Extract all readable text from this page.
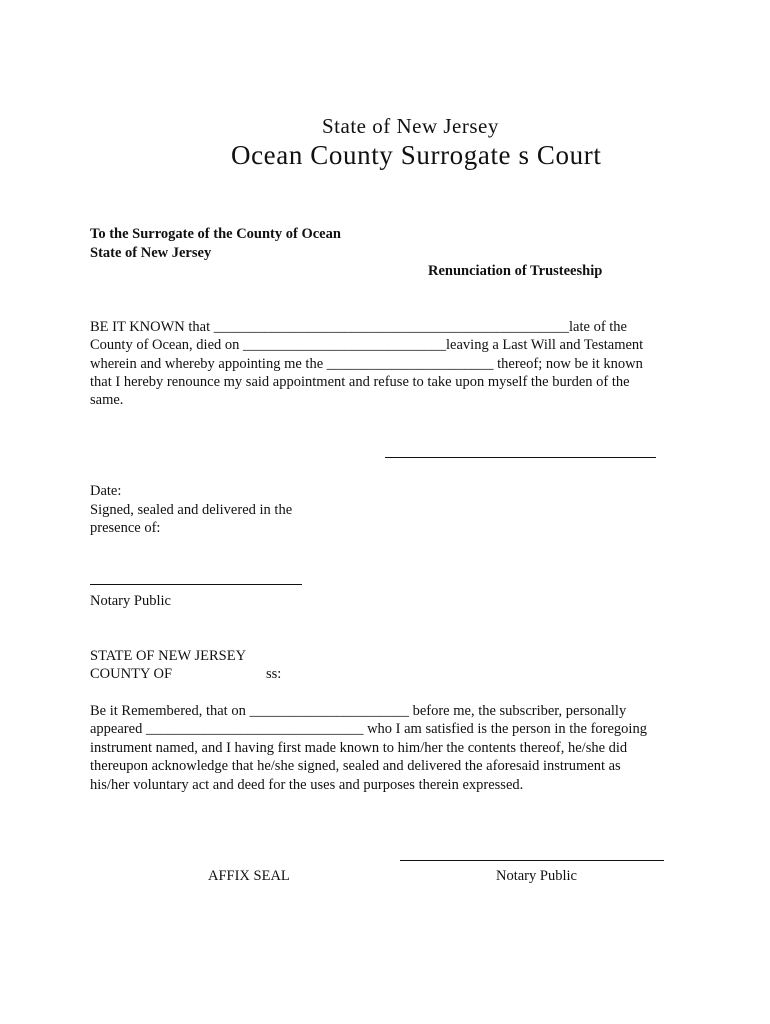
State of New Jersey
Ocean County Surrogate s Court
To the Surrogate of the County of Ocean
State of New Jersey
Renunciation of Trusteeship
BE IT KNOWN that _________________________________________________late of the
County of Ocean, died on ____________________________leaving a Last Will and Testament
wherein and whereby appointing me the _______________________ thereof; now be it known
that I hereby renounce my said appointment and refuse to take upon myself the burden of the
same.
Date:
Signed, sealed and delivered in the
presence of:
Notary Public
STATE OF NEW JERSEY
COUNTY OF	ss:
Be it Remembered, that on ______________________ before me, the subscriber, personally
appeared ______________________________ who I am satisfied is the person in the foregoing
instrument named, and I having first made known to him/her the contents thereof, he/she did
thereupon acknowledge that he/she signed, sealed and delivered the aforesaid instrument as
his/her voluntary act and deed for the uses and purposes therein expressed.
AFFIX SEAL	Notary Public
